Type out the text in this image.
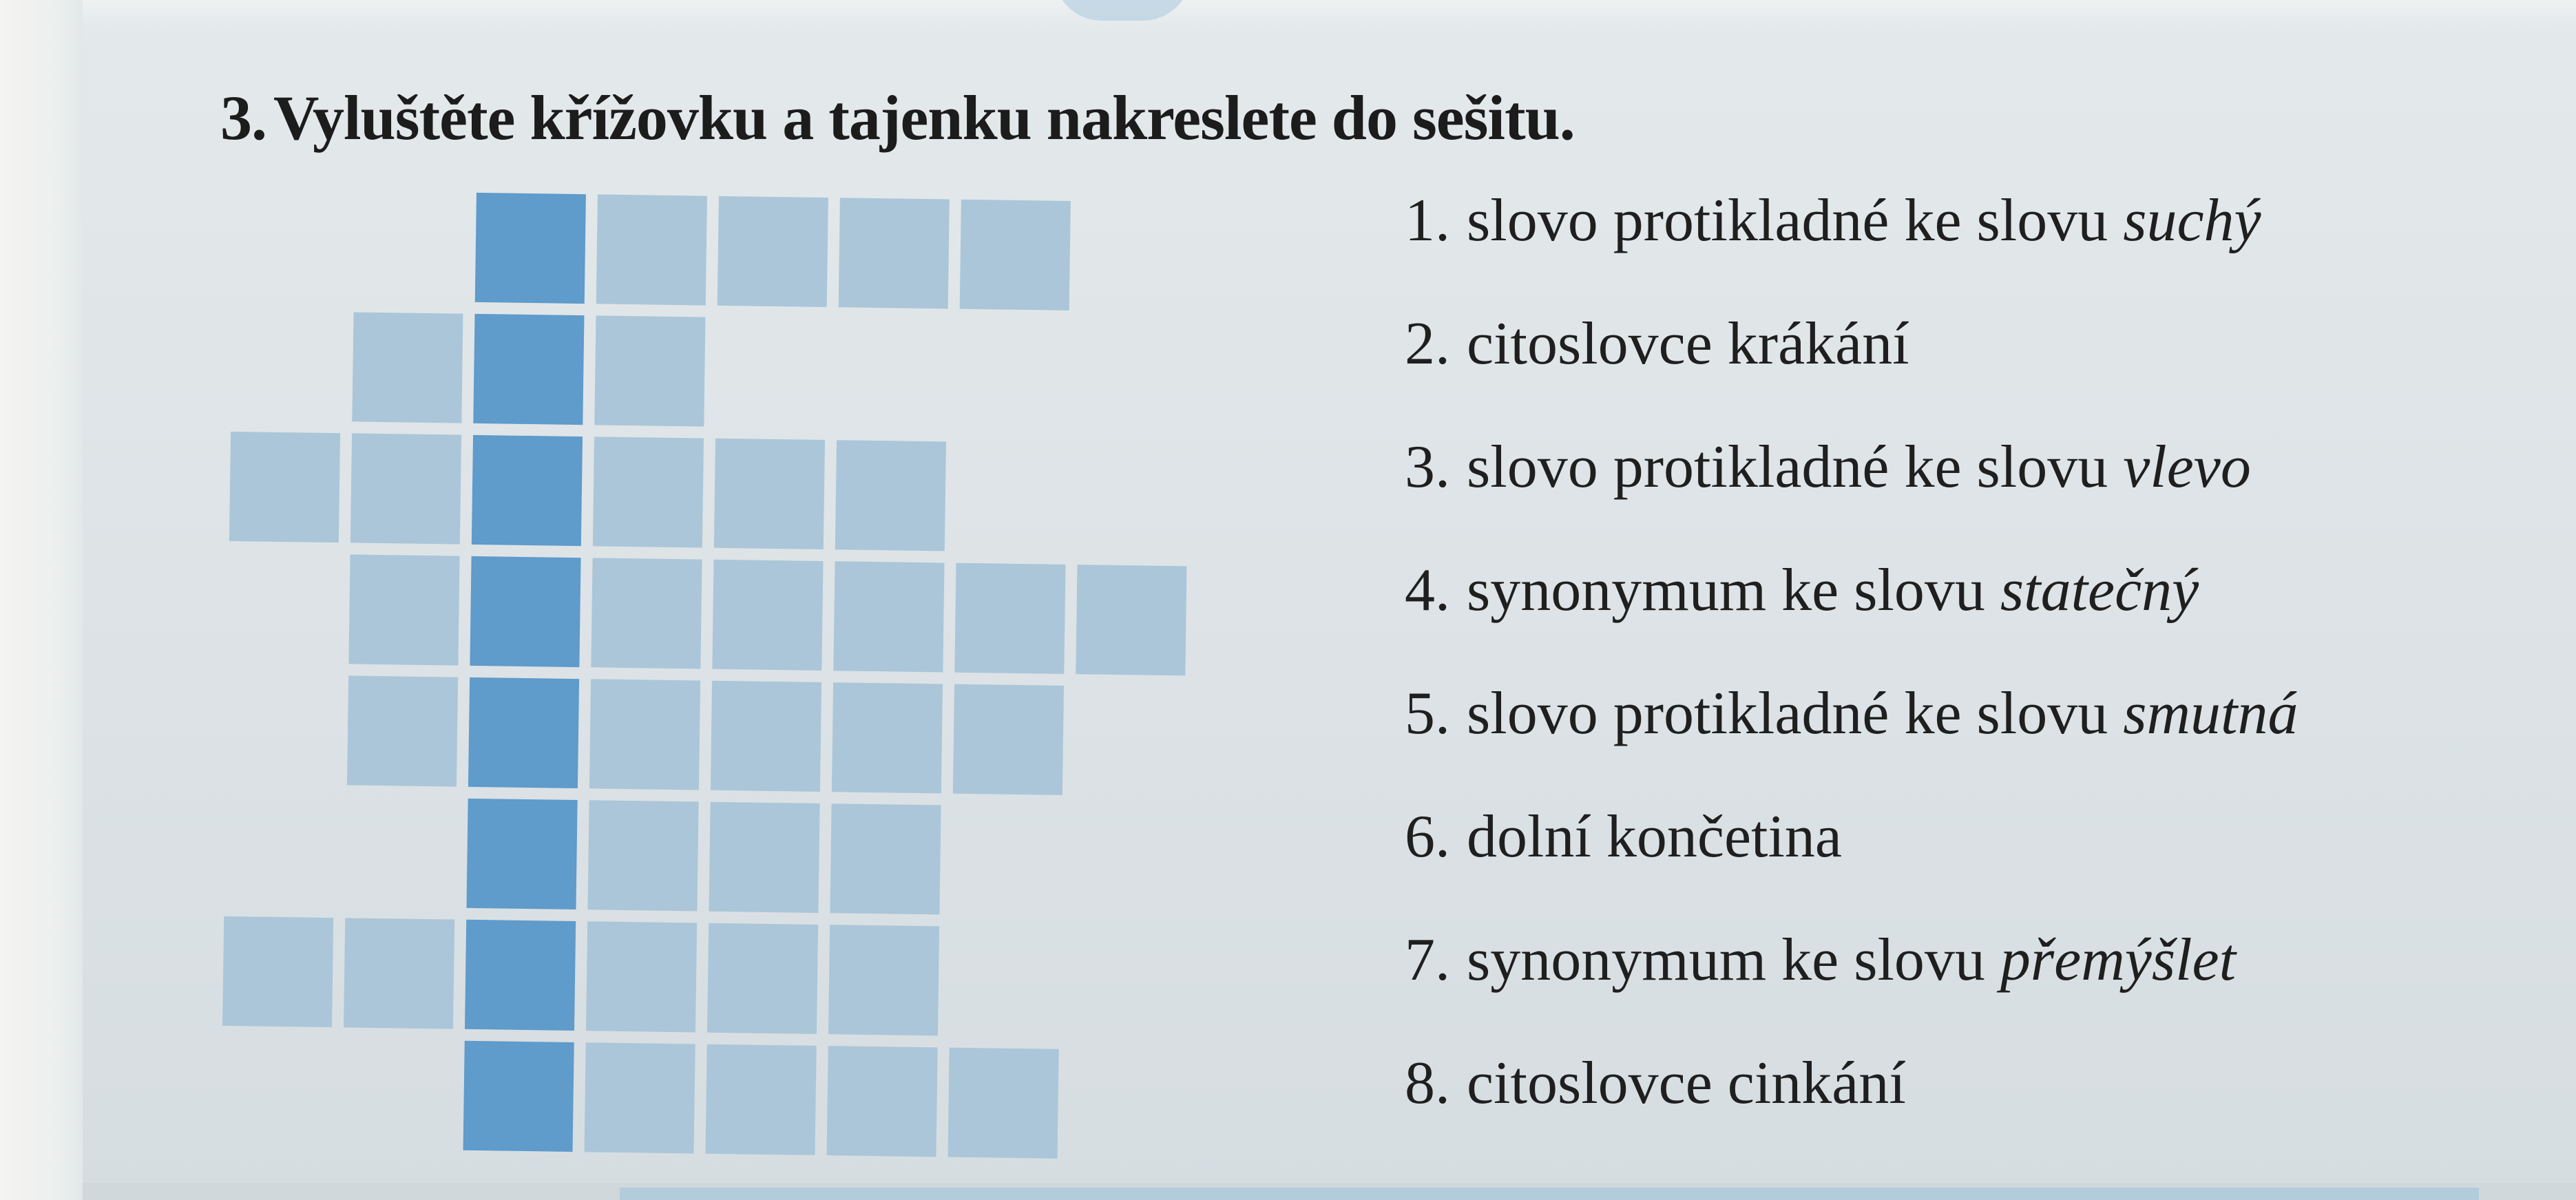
3. Vyluštěte křížovku a tajenku nakreslete do sešitu.
1. slovo protikladné ke slovu suchý
2. citoslovce krákání
3. slovo protikladné ke slovu vlevo
4. synonymum ke slovu statečný
5. slovo protikladné ke slovu smutná
6. dolní končetina
7. synonymum ke slovu přemýšlet
8. citoslovce cinkání
